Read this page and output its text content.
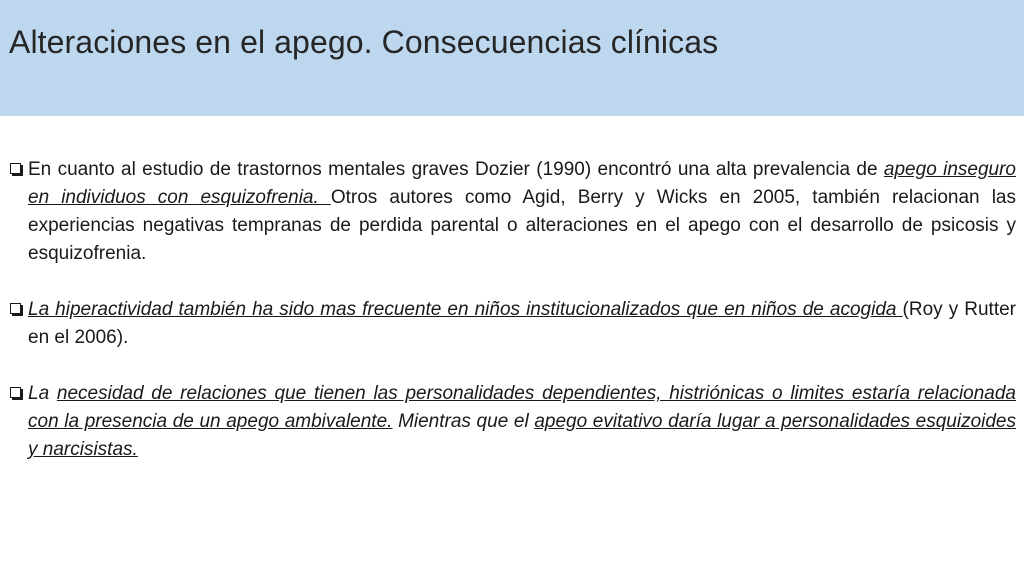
Alteraciones en el apego. Consecuencias clínicas
En cuanto al estudio de trastornos mentales graves Dozier (1990) encontró una alta prevalencia de apego inseguro en individuos con esquizofrenia. Otros autores como Agid, Berry y Wicks en 2005, también relacionan las experiencias negativas tempranas de perdida parental o alteraciones en el apego con el desarrollo de psicosis y esquizofrenia.
La hiperactividad también ha sido mas frecuente en niños institucionalizados que en niños de acogida (Roy y Rutter en el 2006).
La necesidad de relaciones que tienen las personalidades dependientes, histriónicas o limites estaría relacionada con la presencia de un apego ambivalente. Mientras que el apego evitativo daría lugar a personalidades esquizoides y narcisistas.
